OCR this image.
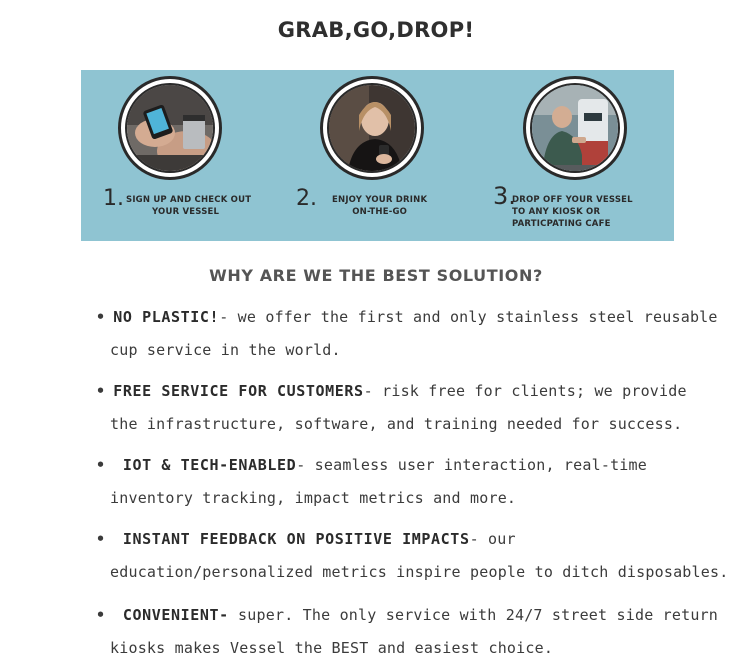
GRAB,GO,DROP!
1. SIGN UP AND CHECK OUT
YOUR VESSEL
2. ENJOY YOUR DRINK
ON-THE-GO
3.
DROP OFF YOUR VESSEL
TO ANY KIOSK OR
PARTICPATING CAFE
WHY ARE WE THE BEST SOLUTION?
• NO PLASTIC!- we offer the first and only stainless steel reusable
cup service in the world.
• FREE SERVICE FOR CUSTOMERS- risk free for clients; we provide
the infrastructure, software, and training needed for success.
• IOT & TECH-ENABLED- seamless user interaction, real-time
inventory tracking, impact metrics and more.
• INSTANT FEEDBACK ON POSITIVE IMPACTS- our
education/personalized metrics inspire people to ditch disposables.
• CONVENIENT- super. The only service with 24/7 street side return
kiosks makes Vessel the BEST and easiest choice.
